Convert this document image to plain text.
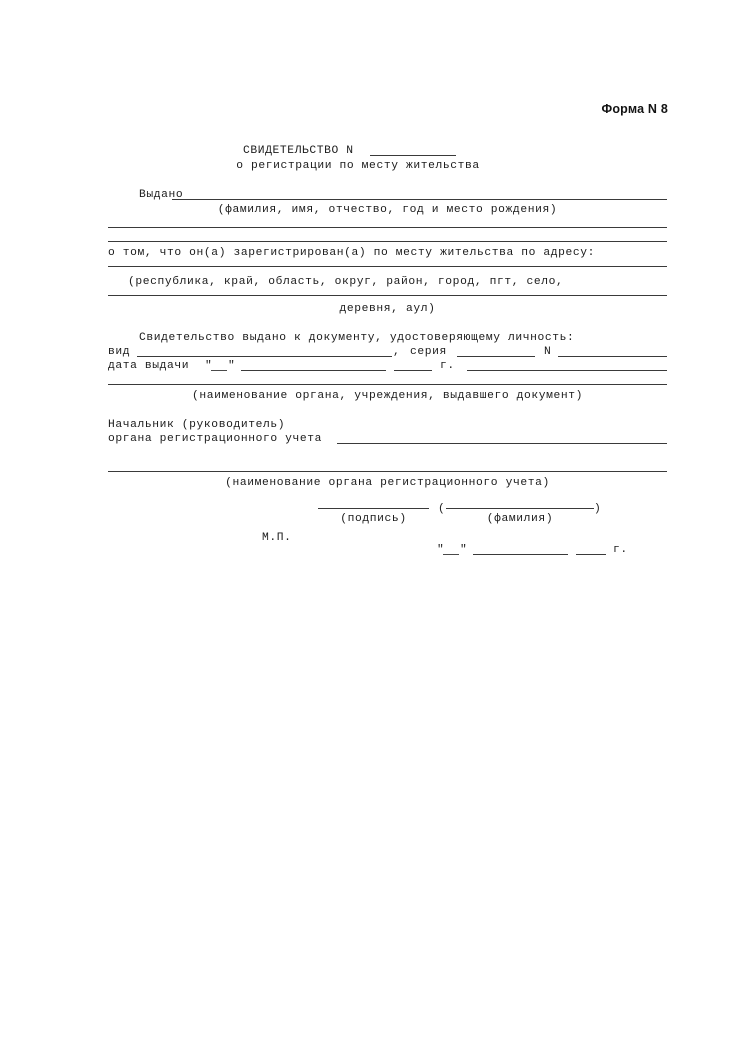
Форма N 8
СВИДЕТЕЛЬСТВО N
о регистрации по месту жительства
Выдано
(фамилия, имя, отчество, год и место рождения)
о том, что он(а) зарегистрирован(а) по месту жительства по адресу:
(республика, край, область, округ, район, город, пгт, село,
деревня, аул)
Свидетельство выдано к документу, удостоверяющему личность:
вид	, серия	N
дата выдачи " "	г.
(наименование органа, учреждения, выдавшего документ)
Начальник (руководитель)
органа регистрационного учета
(наименование органа регистрационного учета)
(подпись)
(	)
(фамилия)
М.П.
" "	г.
